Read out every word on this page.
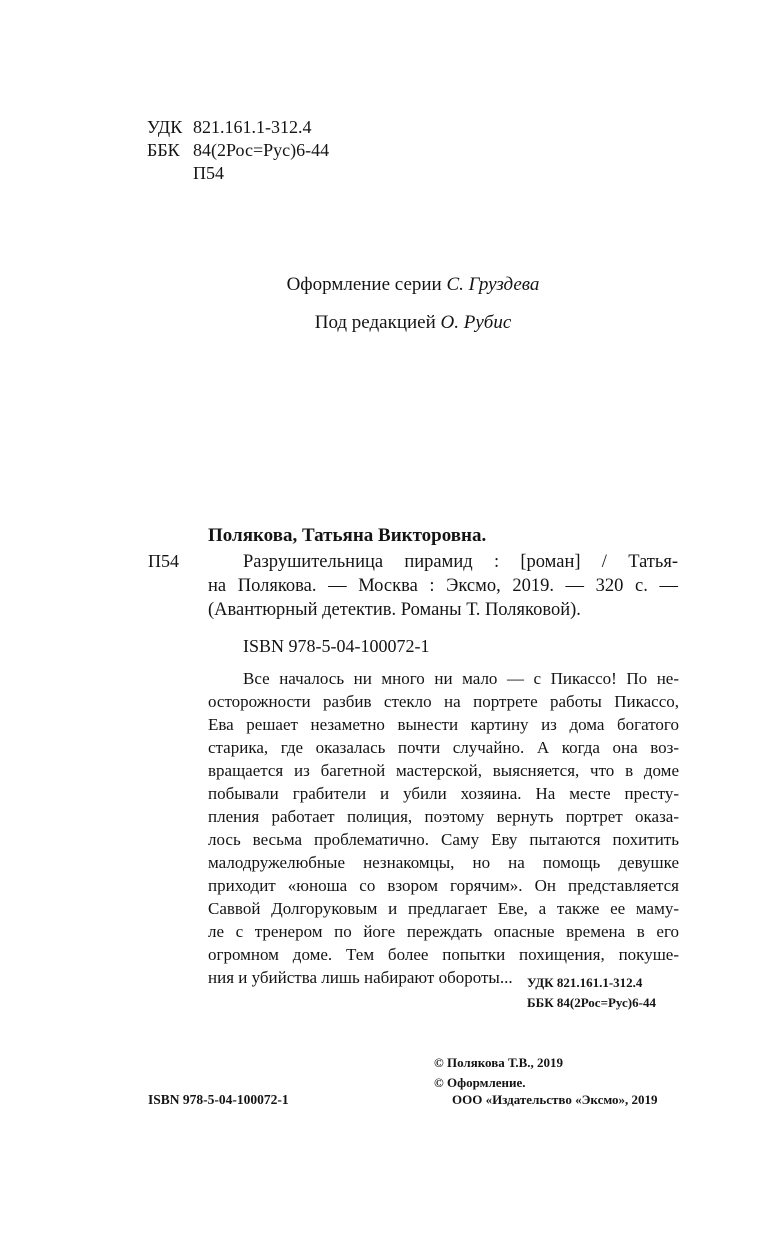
УДК 821.161.1-312.4
ББК 84(2Рос=Рус)6-44
П54
Оформление серии С. Груздева
Под редакцией О. Рубис
Полякова, Татьяна Викторовна.
П54	Разрушительница пирамид : [роман] / Татья-
на Полякова. — Москва : Эксмо, 2019. — 320 с. —
(Авантюрный детектив. Романы Т. Поляковой).
ISBN 978-5-04-100072-1
Все началось ни много ни мало — с Пикассо! По не-
осторожности разбив стекло на портрете работы Пикассо,
Ева решает незаметно вынести картину из дома богатого
старика, где оказалась почти случайно. А когда она воз-
вращается из багетной мастерской, выясняется, что в доме
побывали грабители и убили хозяина. На месте престу-
пления работает полиция, поэтому вернуть портрет оказа-
лось весьма проблематично. Саму Еву пытаются похитить
малодружелюбные незнакомцы, но на помощь девушке
приходит «юноша со взором горячим». Он представляется
Саввой Долгоруковым и предлагает Еве, а также ее маму-
ле с тренером по йоге переждать опасные времена в его
огромном доме. Тем более попытки похищения, покуше-
ния и убийства лишь набирают обороты...	УДК 821.161.1-312.4
ББК 84(2Рос=Рус)6-44
© Полякова Т.В., 2019
© Оформление.
ООО «Издательство «Эксмо», 2019
ISBN 978-5-04-100072-1
